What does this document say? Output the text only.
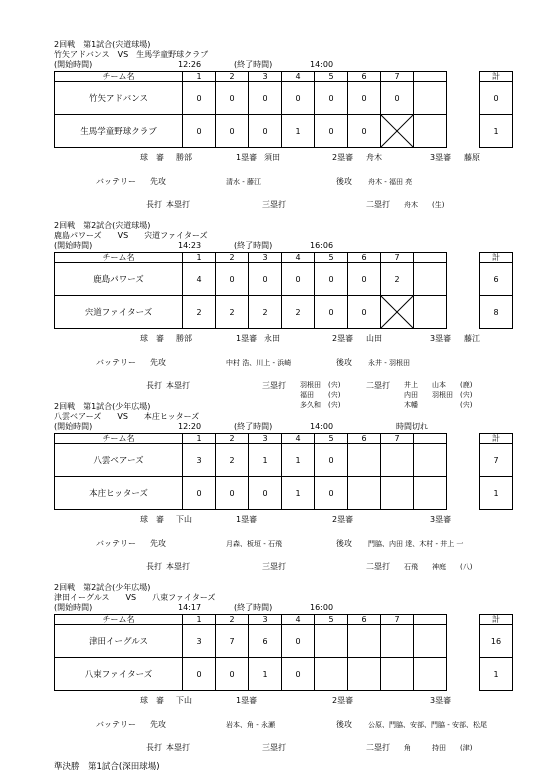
2回戦　第1試合(宍道球場)
竹矢アドバンス　VS　生馬学童野球クラブ
(開始時間)	12:26	(終了時間)	14:00
チーム名	1	2	3	4	5	6	7			計
竹矢アドバンス	0	0	0	0	0	0	0			0
生馬学童野球クラブ	0	0	0	1	0	0				1
球　審 勝部	1塁審 須田	2塁審 舟木	3塁審 藤原
バッテリー 先攻	清水 - 藤江	後攻 舟木 - 福田 亮
長打 本塁打	三塁打	二塁打 舟木　　(生)
2回戦　第2試合(宍道球場)
鹿島パワーズ　　VS　　宍道ファイターズ
(開始時間)	14:23	(終了時間)	16:06
チーム名	1	2	3	4	5	6	7			計
鹿島パワーズ	4	0	0	0	0	0	2			6
宍道ファイターズ	2	2	2	2	0	0				8
球　審 勝部	1塁審 永田	2塁審 山田	3塁審 藤江
バッテリー 先攻	中村 浩、川上 - 浜崎	後攻 永井 - 羽根田
長打 本塁打	三塁打	二塁打
羽根田　(宍)
福田　　(宍)
多久和　(宍)
井上　　山本　　(鹿)
内田　　羽根田　(宍)
木幡　　　　　　(宍)
2回戦　第1試合(少年広場)
八雲ベアーズ　　VS　　本庄ヒッターズ
(開始時間)	12:20	(終了時間)	14:00	時間切れ
チーム名	1	2	3	4	5	6	7			計
八雲ベアーズ	3	2	1	1	0					7
本庄ヒッターズ	0	0	0	1	0					1
球　審 下山	1塁審	2塁審	3塁審
バッテリー 先攻	月森、板垣 - 石飛	後攻 門脇、内田 達、木村 - 井上 一
長打 本塁打	三塁打	二塁打 石飛　　神庭　　(八)
2回戦　第2試合(少年広場)
津田イーグルス　　VS　　八束ファイターズ
(開始時間)	14:17	(終了時間)	16:00
チーム名	1	2	3	4	5	6	7			計
津田イーグルス	3	7	6	0						16
八束ファイターズ	0	0	1	0						1
球　審 下山	1塁審	2塁審	3塁審
バッテリー 先攻	岩本、角 - 永瀬	後攻 公原、門脇、安部、門脇 - 安部、松尾
長打 本塁打	三塁打	二塁打 角　　　持田　　(津)
準決勝　第1試合(深田球場)
